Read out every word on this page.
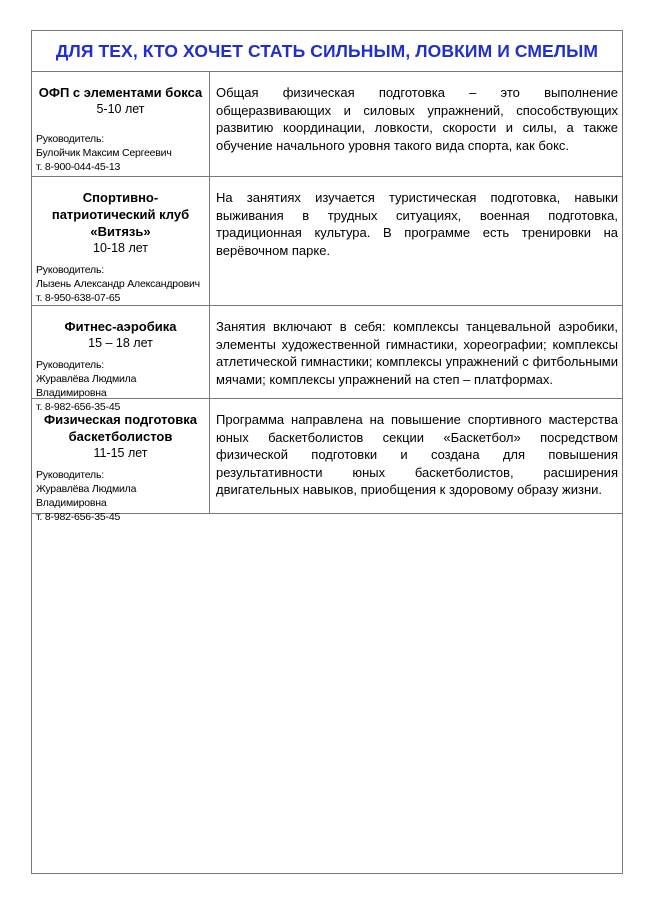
ДЛЯ ТЕХ, КТО ХОЧЕТ СТАТЬ СИЛЬНЫМ, ЛОВКИМ И СМЕЛЫМ
ОФП с элементами бокса
5-10 лет
Руководитель:
Булойчик Максим Сергеевич
т. 8-900-044-45-13
Общая физическая подготовка – это выполнение общеразвивающих и силовых упражнений, способствующих развитию координации, ловкости, скорости и силы, а также обучение начального уровня такого вида спорта, как бокс.
Спортивно-
патриотический клуб
«Витязь»
10-18 лет
Руководитель:
Лызень Александр Александрович
т. 8-950-638-07-65
На занятиях изучается туристическая подготовка, навыки выживания в трудных ситуациях, военная подготовка, традиционная культура. В программе есть тренировки на верёвочном парке.
Фитнес-аэробика
15 – 18 лет
Руководитель:
Журавлёва Людмила Владимировна
т. 8-982-656-35-45
Занятия включают в себя: комплексы танцевальной аэробики, элементы художественной гимнастики, хореографии; комплексы атлетической гимнастики; комплексы упражнений с фитбольными мячами; комплексы упражнений на степ – платформах.
Физическая подготовка
баскетболистов
11-15 лет
Руководитель:
Журавлёва Людмила Владимировна
т. 8-982-656-35-45
Программа направлена на повышение спортивного мастерства юных баскетболистов секции «Баскетбол» посредством физической подготовки и создана для повышения результативности юных баскетболистов, расширения двигательных навыков, приобщения к здоровому образу жизни.
